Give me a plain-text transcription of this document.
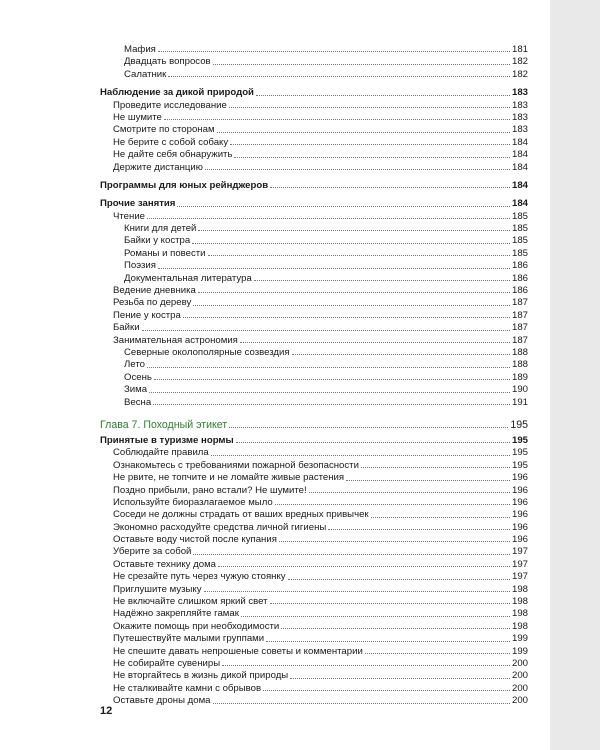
Мафия	181
Двадцать вопросов	182
Салатник	182
Наблюдение за дикой природой	183
Проведите исследование	183
Не шумите	183
Смотрите по сторонам	183
Не берите с собой собаку	184
Не дайте себя обнаружить	184
Держите дистанцию	184
Программы для юных рейнджеров	184
Прочие занятия	184
Чтение	185
Книги для детей	185
Байки у костра	185
Романы и повести	185
Поэзия	186
Документальная литература	186
Ведение дневника	186
Резьба по дереву	187
Пение у костра	187
Байки	187
Занимательная астрономия	187
Северные околополярные созвездия	188
Лето	188
Осень	189
Зима	190
Весна	191
Глава 7. Походный этикет	195
Принятые в туризме нормы	195
Соблюдайте правила	195
Ознакомьтесь с требованиями пожарной безопасности	195
Не рвите, не топчите и не ломайте живые растения	196
Поздно прибыли, рано встали? Не шумите!	196
Используйте биоразлагаемое мыло	196
Соседи не должны страдать от ваших вредных привычек	196
Экономно расходуйте средства личной гигиены	196
Оставьте воду чистой после купания	196
Уберите за собой	197
Оставьте технику дома	197
Не срезайте путь через чужую стоянку	197
Приглушите музыку	198
Не включайте слишком яркий свет	198
Надёжно закрепляйте гамак	198
Окажите помощь при необходимости	198
Путешествуйте малыми группами	199
Не спешите давать непрошеные советы и комментарии	199
Не собирайте сувениры	200
Не вторгайтесь в жизнь дикой природы	200
Не сталкивайте камни с обрывов	200
Оставьте дроны дома	200
12
